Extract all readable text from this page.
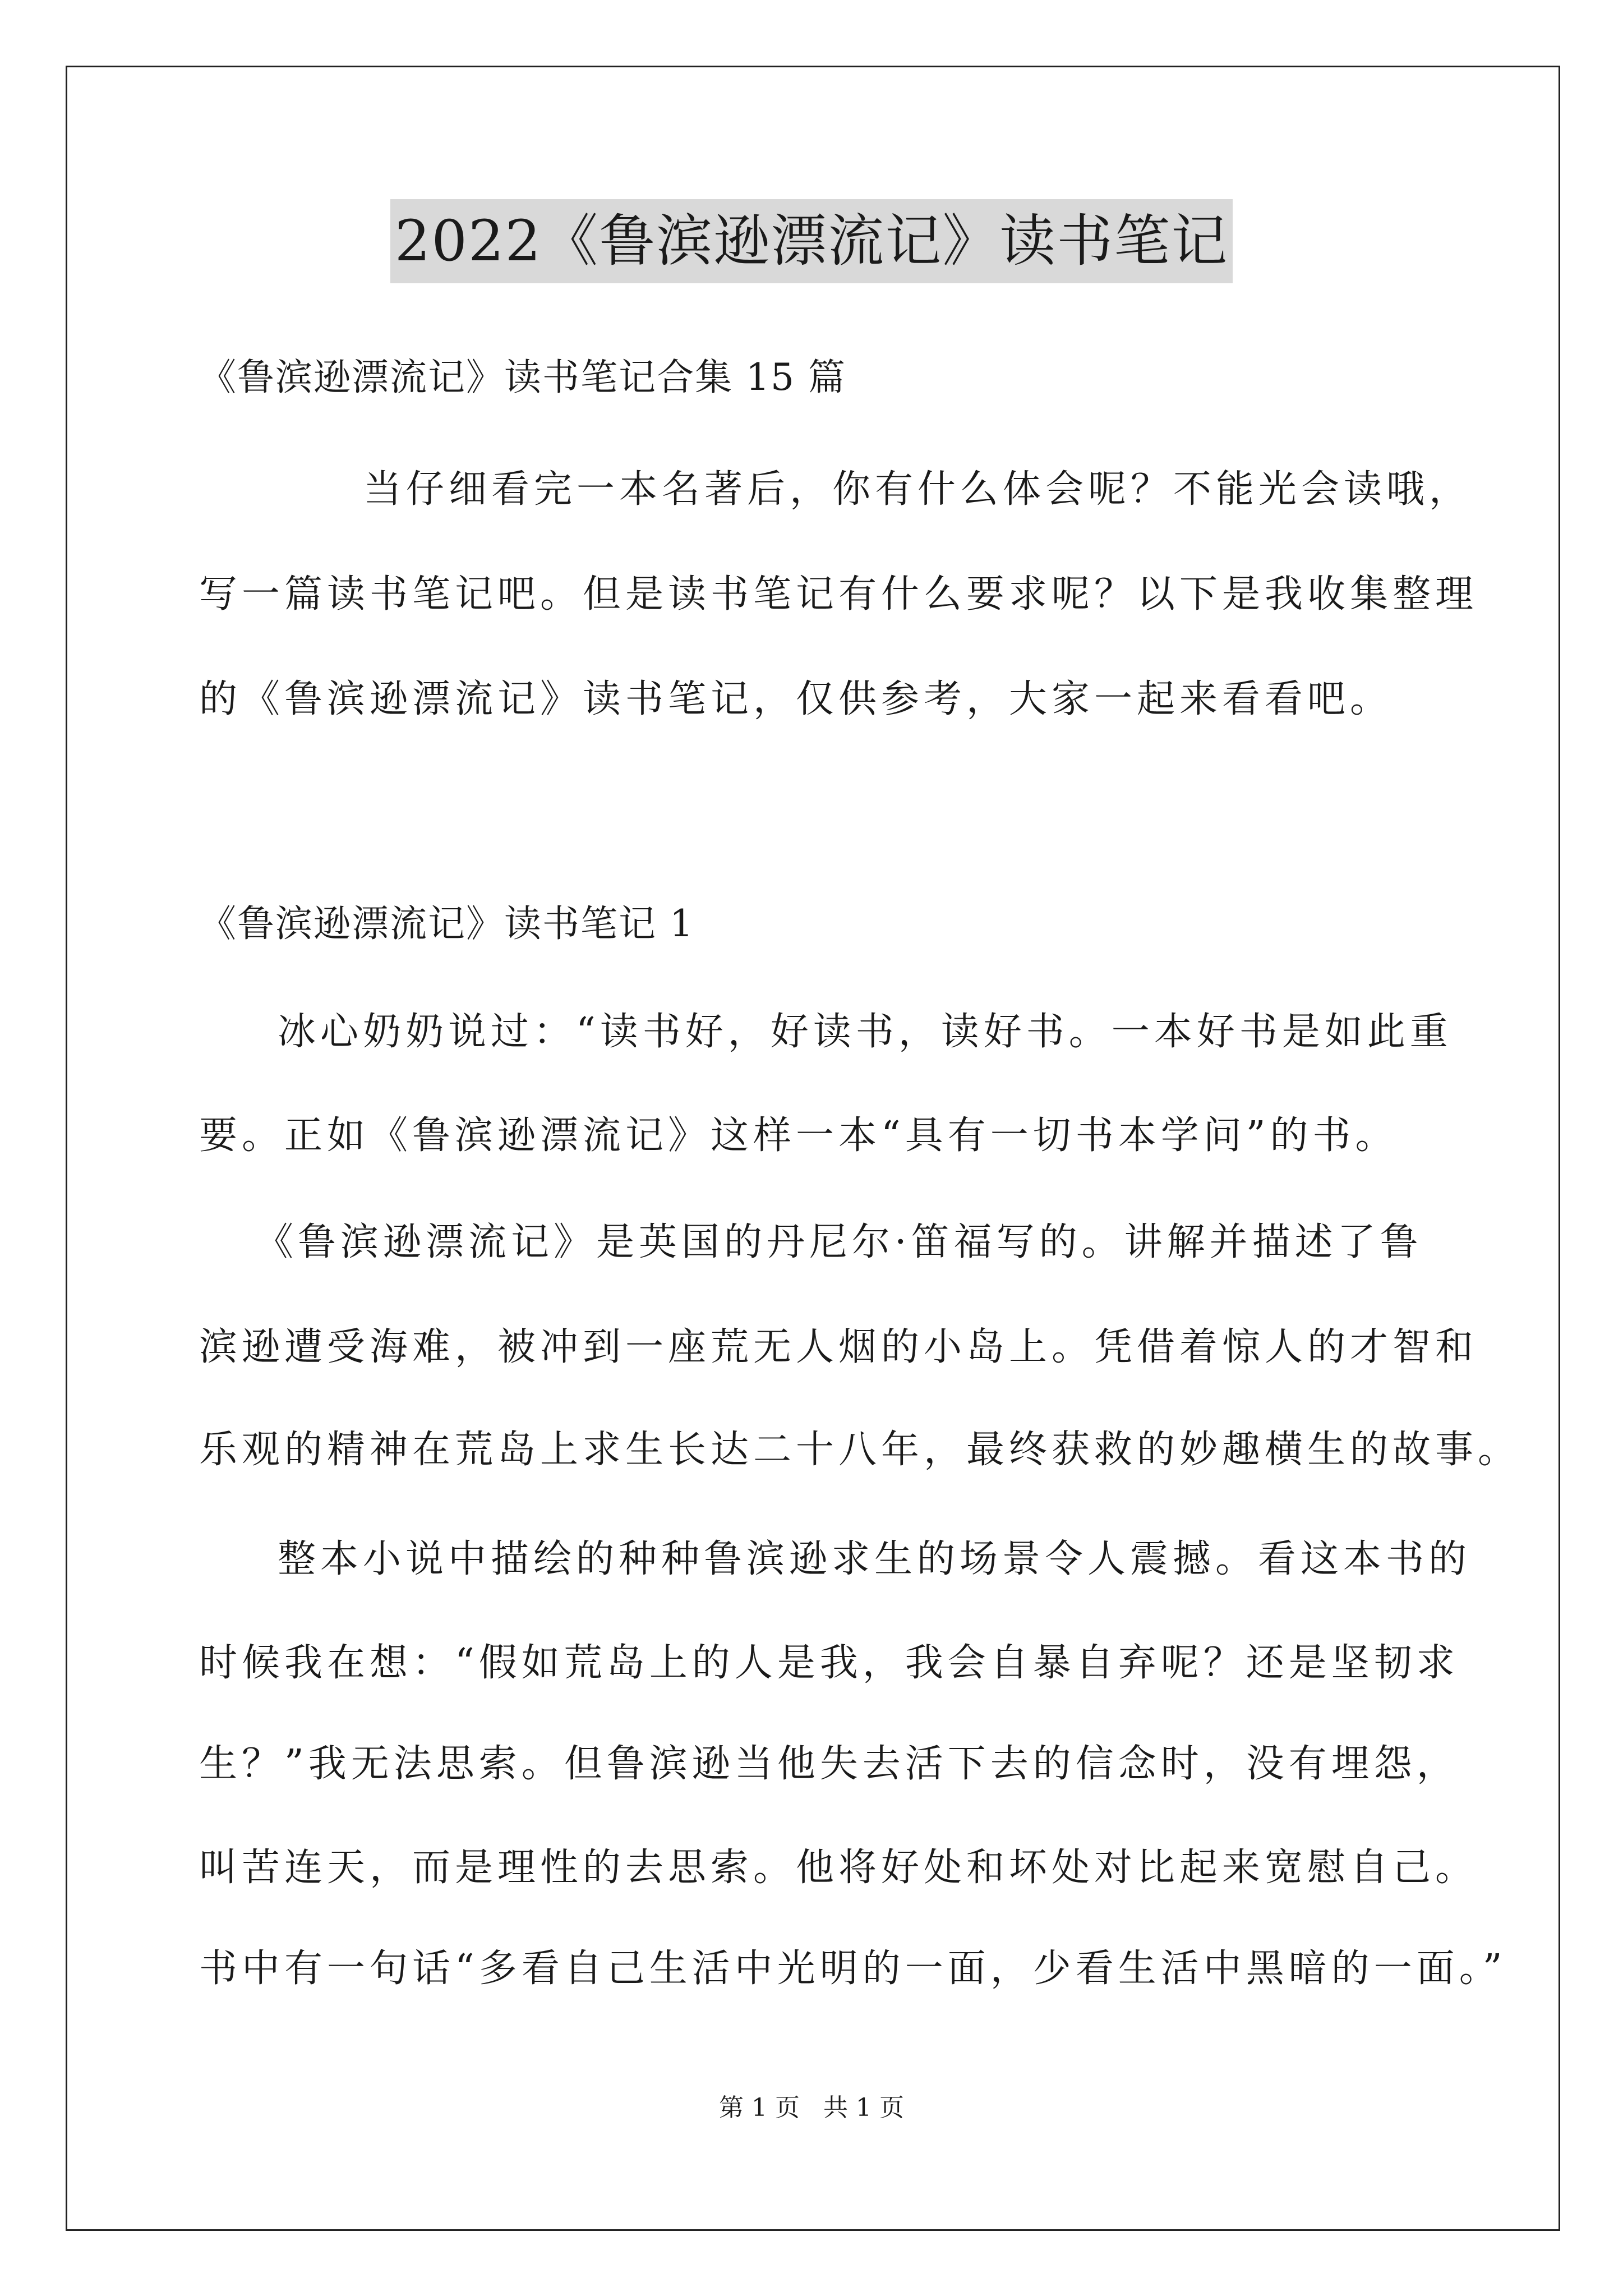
2022《鲁滨逊漂流记》读书笔记
《鲁滨逊漂流记》读书笔记合集 15 篇
当仔细看完一本名著后，你有什么体会呢？不能光会读哦，
写一篇读书笔记吧。但是读书笔记有什么要求呢？以下是我收集整理
的《鲁滨逊漂流记》读书笔记，仅供参考，大家一起来看看吧。
《鲁滨逊漂流记》读书笔记 1
冰心奶奶说过：“读书好，好读书，读好书。一本好书是如此重
要。正如《鲁滨逊漂流记》这样一本“具有一切书本学问”的书。
《鲁滨逊漂流记》是英国的丹尼尔·笛福写的。讲解并描述了鲁
滨逊遭受海难，被冲到一座荒无人烟的小岛上。凭借着惊人的才智和
乐观的精神在荒岛上求生长达二十八年，最终获救的妙趣横生的故事。
整本小说中描绘的种种鲁滨逊求生的场景令人震撼。看这本书的
时候我在想：“假如荒岛上的人是我，我会自暴自弃呢？还是坚韧求
生？”我无法思索。但鲁滨逊当他失去活下去的信念时，没有埋怨，
叫苦连天，而是理性的去思索。他将好处和坏处对比起来宽慰自己。
书中有一句话“多看自己生活中光明的一面，少看生活中黑暗的一面。”
第 1 页 共 1 页
